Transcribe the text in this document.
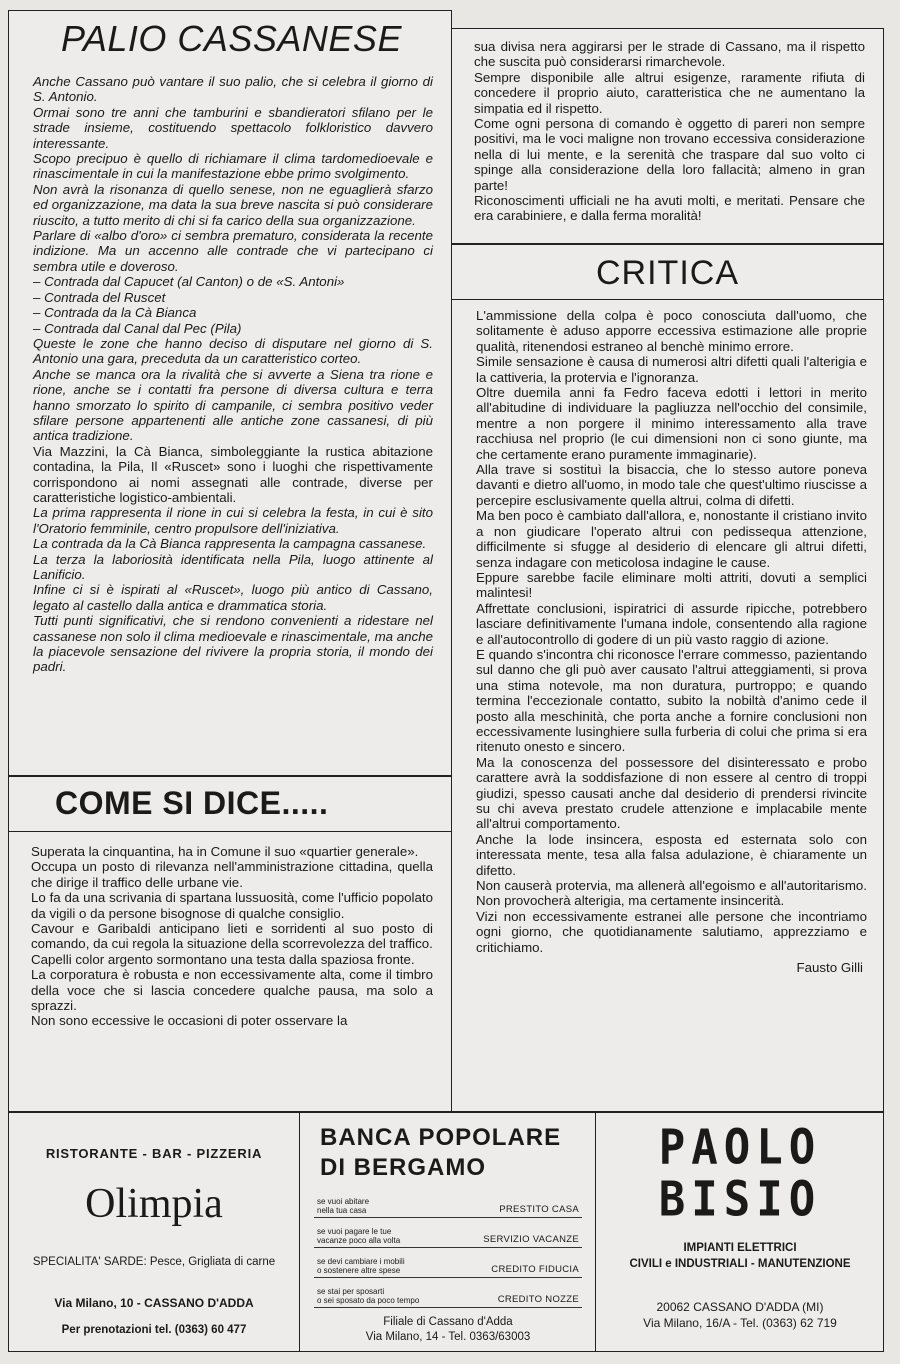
PALIO CASSANESE

Anche Cassano può vantare il suo palio, che si celebra il giorno di S. Antonio.

Ormai sono tre anni che tamburini e sbandieratori sfilano per le strade insieme, costituendo spettacolo folkloristico davvero interessante.

Scopo precipuo è quello di richiamare il clima tardomedioevale e rinascimentale in cui la manifestazione ebbe primo svolgimento.

Non avrà la risonanza di quello senese, non ne eguaglierà sfarzo ed organizzazione, ma data la sua breve nascita si può considerare riuscito, a tutto merito di chi si fa carico della sua organizzazione.

Parlare di «albo d'oro» ci sembra prematuro, considerata la recente indizione. Ma un accenno alle contrade che vi partecipano ci sembra utile e doveroso.

– Contrada dal Capucet (al Canton) o de «S. Antoni»
– Contrada del Ruscet
– Contrada da la Cà Bianca
– Contrada dal Canal dal Pec (Pila)

Queste le zone che hanno deciso di disputare nel giorno di S. Antonio una gara, preceduta da un caratteristico corteo.

Anche se manca ora la rivalità che si avverte a Siena tra rione e rione, anche se i contatti fra persone di diversa cultura e terra hanno smorzato lo spirito di campanile, ci sembra positivo veder sfilare persone appartenenti alle antiche zone cassanesi, di più antica tradizione.

Via Mazzini, la Cà Bianca, simboleggiante la rustica abitazione contadina, la Pila, Il «Ruscet» sono i luoghi che rispettivamente corrispondono ai nomi assegnati alle contrade, diverse per caratteristiche logistico-ambientali.

La prima rappresenta il rione in cui si celebra la festa, in cui è sito l'Oratorio femminile, centro propulsore dell'iniziativa.

La contrada da la Cà Bianca rappresenta la campagna cassanese.

La terza la laboriosità identificata nella Pila, luogo attinente al Lanificio.

Infine ci si è ispirati al «Ruscet», luogo più antico di Cassano, legato al castello dalla antica e drammatica storia.

Tutti punti significativi, che si rendono convenienti a ridestare nel cassanese non solo il clima medioevale e rinascimentale, ma anche la piacevole sensazione del rivivere la propria storia, il mondo dei padri.

COME SI DICE.....

Superata la cinquantina, ha in Comune il suo «quartier generale».

Occupa un posto di rilevanza nell'amministrazione cittadina, quella che dirige il traffico delle urbane vie.

Lo fa da una scrivania di spartana lussuosità, come l'ufficio popolato da vigili o da persone bisognose di qualche consiglio.

Cavour e Garibaldi anticipano lieti e sorridenti al suo posto di comando, da cui regola la situazione della scorrevolezza del traffico.

Capelli color argento sormontano una testa dalla spaziosa fronte.

La corporatura è robusta e non eccessivamente alta, come il timbro della voce che si lascia concedere qualche pausa, ma solo a sprazzi.

Non sono eccessive le occasioni di poter osservare la

sua divisa nera aggirarsi per le strade di Cassano, ma il rispetto che suscita può considerarsi rimarchevole.

Sempre disponibile alle altrui esigenze, raramente rifiuta di concedere il proprio aiuto, caratteristica che ne aumentano la simpatia ed il rispetto.

Come ogni persona di comando è oggetto di pareri non sempre positivi, ma le voci maligne non trovano eccessiva considerazione nella di lui mente, e la serenità che traspare dal suo volto ci spinge alla considerazione della loro fallacità; almeno in gran parte!

Riconoscimenti ufficiali ne ha avuti molti, e meritati. Pensare che era carabiniere, e dalla ferma moralità!

CRITICA

L'ammissione della colpa è poco conosciuta dall'uomo, che solitamente è aduso apporre eccessiva estimazione alle proprie qualità, ritenendosi estraneo al benchè minimo errore.

Simile sensazione è causa di numerosi altri difetti quali l'alterigia e la cattiveria, la protervia e l'ignoranza.

Oltre duemila anni fa Fedro faceva edotti i lettori in merito all'abitudine di individuare la pagliuzza nell'occhio del consimile, mentre a non porgere il minimo interessamento alla trave racchiusa nel proprio (le cui dimensioni non ci sono giunte, ma che certamente erano puramente immaginarie).

Alla trave si sostituì la bisaccia, che lo stesso autore poneva davanti e dietro all'uomo, in modo tale che quest'ultimo riuscisse a percepire esclusivamente quella altrui, colma di difetti.

Ma ben poco è cambiato dall'allora, e, nonostante il cristiano invito a non giudicare l'operato altrui con pedissequa attenzione, difficilmente si sfugge al desiderio di elencare gli altrui difetti, senza indagare con meticolosa indagine le cause.

Eppure sarebbe facile eliminare molti attriti, dovuti a semplici malintesi!

Affrettate conclusioni, ispiratrici di assurde ripicche, potrebbero lasciare definitivamente l'umana indole, consentendo alla ragione e all'autocontrollo di godere di un più vasto raggio di azione.

E quando s'incontra chi riconosce l'errare commesso, pazientando sul danno che gli può aver causato l'altrui atteggiamenti, si prova una stima notevole, ma non duratura, purtroppo; e quando termina l'eccezionale contatto, subito la nobiltà d'animo cede il posto alla meschinità, che porta anche a fornire conclusioni non eccessivamente lusinghiere sulla furberia di colui che prima si era ritenuto onesto e sincero.

Ma la conoscenza del possessore del disinteressato e probo carattere avrà la soddisfazione di non essere al centro di troppi giudizi, spesso causati anche dal desiderio di prendersi rivincite su chi aveva prestato crudele attenzione e implacabile mente all'altrui comportamento.

Anche la lode insincera, esposta ed esternata solo con interessata mente, tesa alla falsa adulazione, è chiaramente un difetto.

Non causerà protervia, ma allenerà all'egoismo e all'autoritarismo. Non provocherà alterigia, ma certamente insincerità.

Vizi non eccessivamente estranei alle persone che incontriamo ogni giorno, che quotidianamente salutiamo, apprezziamo e critichiamo.

Fausto Gilli

RISTORANTE - BAR - PIZZERIA
Olimpia
SPECIALITA' SARDE: Pesce, Grigliata di carne
Via Milano, 10 - CASSANO D'ADDA
Per prenotazioni tel. (0363) 60 477
BANCA POPOLARE
DI BERGAMO
se vuoi abitare
nella tua casa	PRESTITO CASA
se vuoi pagare le tue
vacanze poco alla volta	SERVIZIO VACANZE
se devi cambiare i mobili
o sostenere altre spese	CREDITO FIDUCIA
se stai per sposarti
o sei sposato da poco tempo	CREDITO NOZZE
Filiale di Cassano d'Adda
Via Milano, 14 - Tel. 0363/63003
PAOLO
BISIO
IMPIANTI ELETTRICI
CIVILI e INDUSTRIALI - MANUTENZIONE
20062 CASSANO D'ADDA (MI)
Via Milano, 16/A - Tel. (0363) 62 719
